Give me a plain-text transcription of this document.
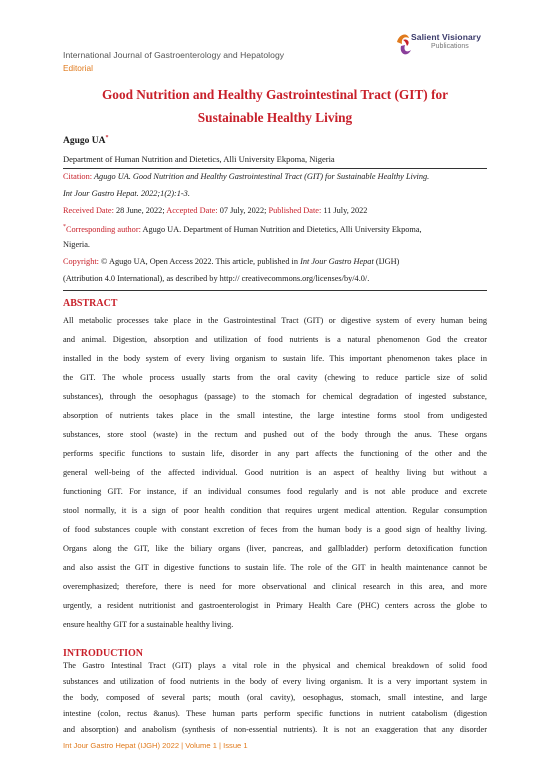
International Journal of Gastroenterology and Hepatology
Editorial
Salient Visionary
Publications
Good Nutrition and Healthy Gastrointestinal Tract (GIT) for
Sustainable Healthy Living
Agugo UA*
Department of Human Nutrition and Dietetics, Alli University Ekpoma, Nigeria
Citation: Agugo UA. Good Nutrition and Healthy Gastrointestinal Tract (GIT) for Sustainable Healthy Living.
Int Jour Gastro Hepat. 2022;1(2):1-3.
Received Date: 28 June, 2022; Accepted Date: 07 July, 2022; Published Date: 11 July, 2022
*Corresponding author: Agugo UA. Department of Human Nutrition and Dietetics, Alli University Ekpoma,
Nigeria.
Copyright: © Agugo UA, Open Access 2022. This article, published in Int Jour Gastro Hepat (IJGH)
(Attribution 4.0 International), as described by http:// creativecommons.org/licenses/by/4.0/.
ABSTRACT
All metabolic processes take place in the Gastrointestinal Tract (GIT) or digestive system of every human being
and animal. Digestion, absorption and utilization of food nutrients is a natural phenomenon God the creator
installed in the body system of every living organism to sustain life. This important phenomenon takes place in
the GIT. The whole process usually starts from the oral cavity (chewing to reduce particle size of solid
substances), through the oesophagus (passage) to the stomach for chemical degradation of ingested substance,
absorption of nutrients takes place in the small intestine, the large intestine forms stool from undigested
substances, store stool (waste) in the rectum and pushed out of the body through the anus. These organs
performs specific functions to sustain life, disorder in any part affects the functioning of the other and the
general well-being of the affected individual. Good nutrition is an aspect of healthy living but without a
functioning GIT. For instance, if an individual consumes food regularly and is not able produce and excrete
stool normally, it is a sign of poor health condition that requires urgent medical attention. Regular consumption
of food substances couple with constant excretion of feces from the human body is a good sign of healthy living.
Organs along the GIT, like the biliary organs (liver, pancreas, and gallbladder) perform detoxification function
and also assist the GIT in digestive functions to sustain life. The role of the GIT in health maintenance cannot be
overemphasized; therefore, there is need for more observational and clinical research in this area, and more
urgently, a resident nutritionist and gastroenterologist in Primary Health Care (PHC) centers across the globe to
ensure healthy GIT for a sustainable healthy living.
INTRODUCTION
The Gastro Intestinal Tract (GIT) plays a vital role in the physical and chemical breakdown of solid food
substances and utilization of food nutrients in the body of every living organism. It is a very important system in
the body, composed of several parts; mouth (oral cavity), oesophagus, stomach, small intestine, and large
intestine (colon, rectus &anus). These human parts perform specific functions in nutrient catabolism (digestion
and absorption) and anabolism (synthesis of non-essential nutrients). It is not an exaggeration that any disorder
Int Jour Gastro Hepat (IJGH) 2022 | Volume 1 | Issue 1
